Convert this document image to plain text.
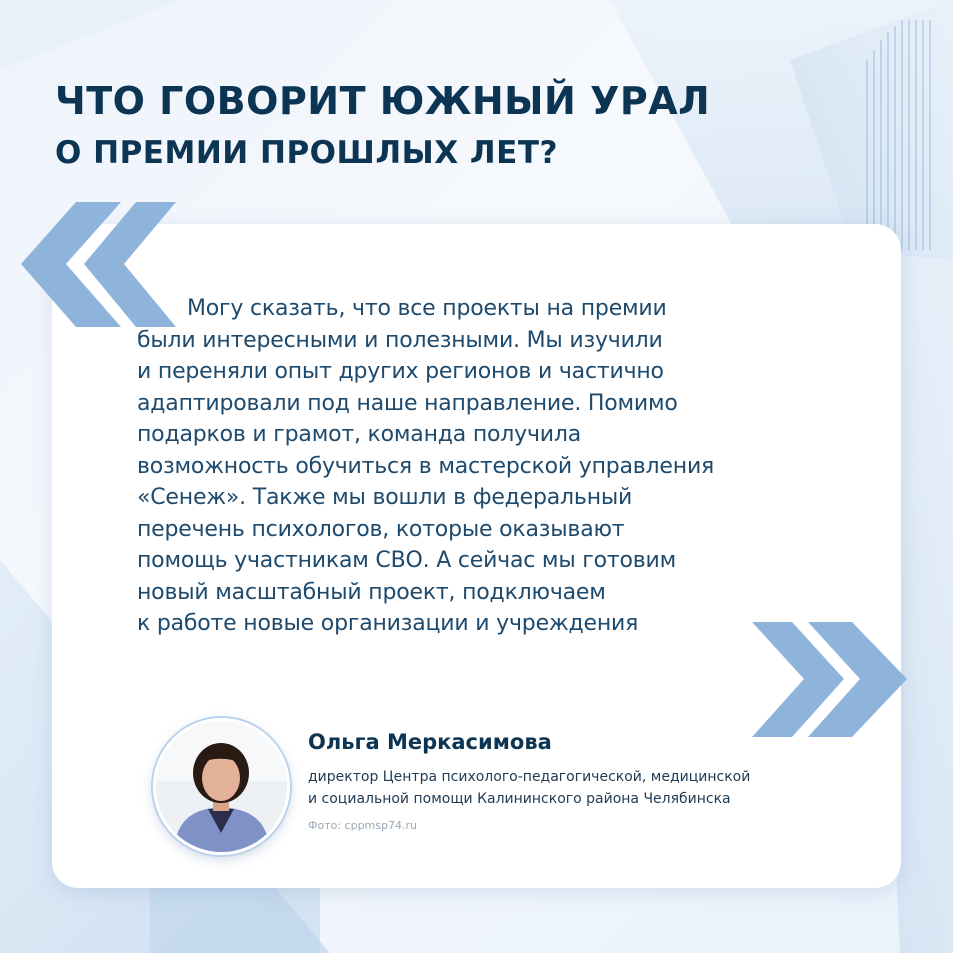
ЧТО ГОВОРИТ ЮЖНЫЙ УРАЛ
О ПРЕМИИ ПРОШЛЫХ ЛЕТ?

Могу сказать, что все проекты на премии
были интересными и полезными. Мы изучили
и переняли опыт других регионов и частично
адаптировали под наше направление. Помимо
подарков и грамот, команда получила
возможность обучиться в мастерской управления
«Сенеж». Также мы вошли в федеральный
перечень психологов, которые оказывают
помощь участникам СВО. А сейчас мы готовим
новый масштабный проект, подключаем
к работе новые организации и учреждения

Ольга Меркасимова

директор Центра психолого-педагогической, медицинской
и социальной помощи Калининского района Челябинска

Фото: cppmsp74.ru
